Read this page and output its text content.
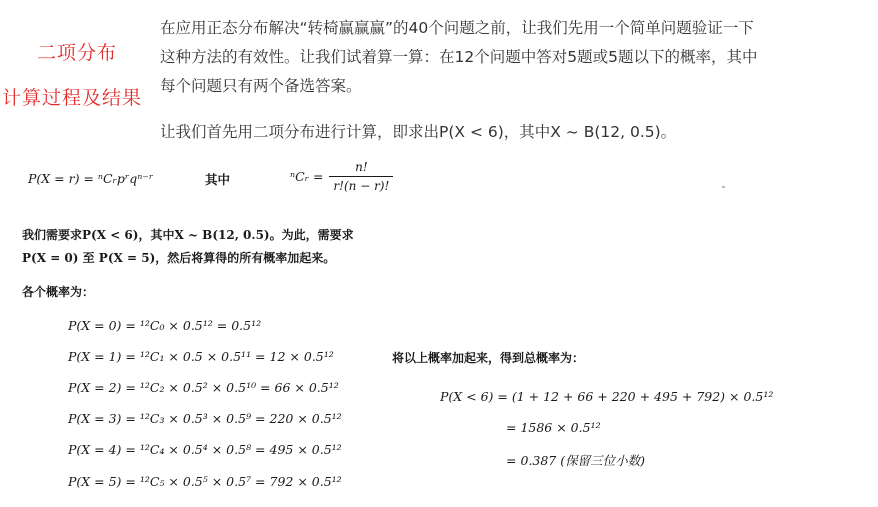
二项分布
计算过程及结果

在应用正态分布解决“转椅赢赢赢”的40个问题之前，让我们先用一个简单问题验证一下

这种方法的有效性。让我们试着算一算：在12个问题中答对5题或5题以下的概率，其中

每个问题只有两个备选答案。

让我们首先用二项分布进行计算，即求出P(X < 6)，其中X ~ B(12, 0.5)。
P(X = r) = ⁿCᵣpʳqⁿ⁻ʳ	其中	ⁿCᵣ = $\frac{n!}{r!(n - r)!}$
我们需要求P(X < 6)，其中X ~ B(12, 0.5)。为此，需要求
P(X = 0) 至 P(X = 5)，然后将算得的所有概率加起来。
各个概率为：
P(X = 0) = ¹²C₀ × 0.5¹² = 0.5¹²
P(X = 1) = ¹²C₁ × 0.5 × 0.5¹¹ = 12 × 0.5¹²
P(X = 2) = ¹²C₂ × 0.5² × 0.5¹⁰ = 66 × 0.5¹²
P(X = 3) = ¹²C₃ × 0.5³ × 0.5⁹ = 220 × 0.5¹²
P(X = 4) = ¹²C₄ × 0.5⁴ × 0.5⁸ = 495 × 0.5¹²
P(X = 5) = ¹²C₅ × 0.5⁵ × 0.5⁷ = 792 × 0.5¹²
将以上概率加起来，得到总概率为：
P(X < 6) = (1 + 12 + 66 + 220 + 495 + 792) × 0.5¹²
= 1586 × 0.5¹²
= 0.387 (保留三位小数)
